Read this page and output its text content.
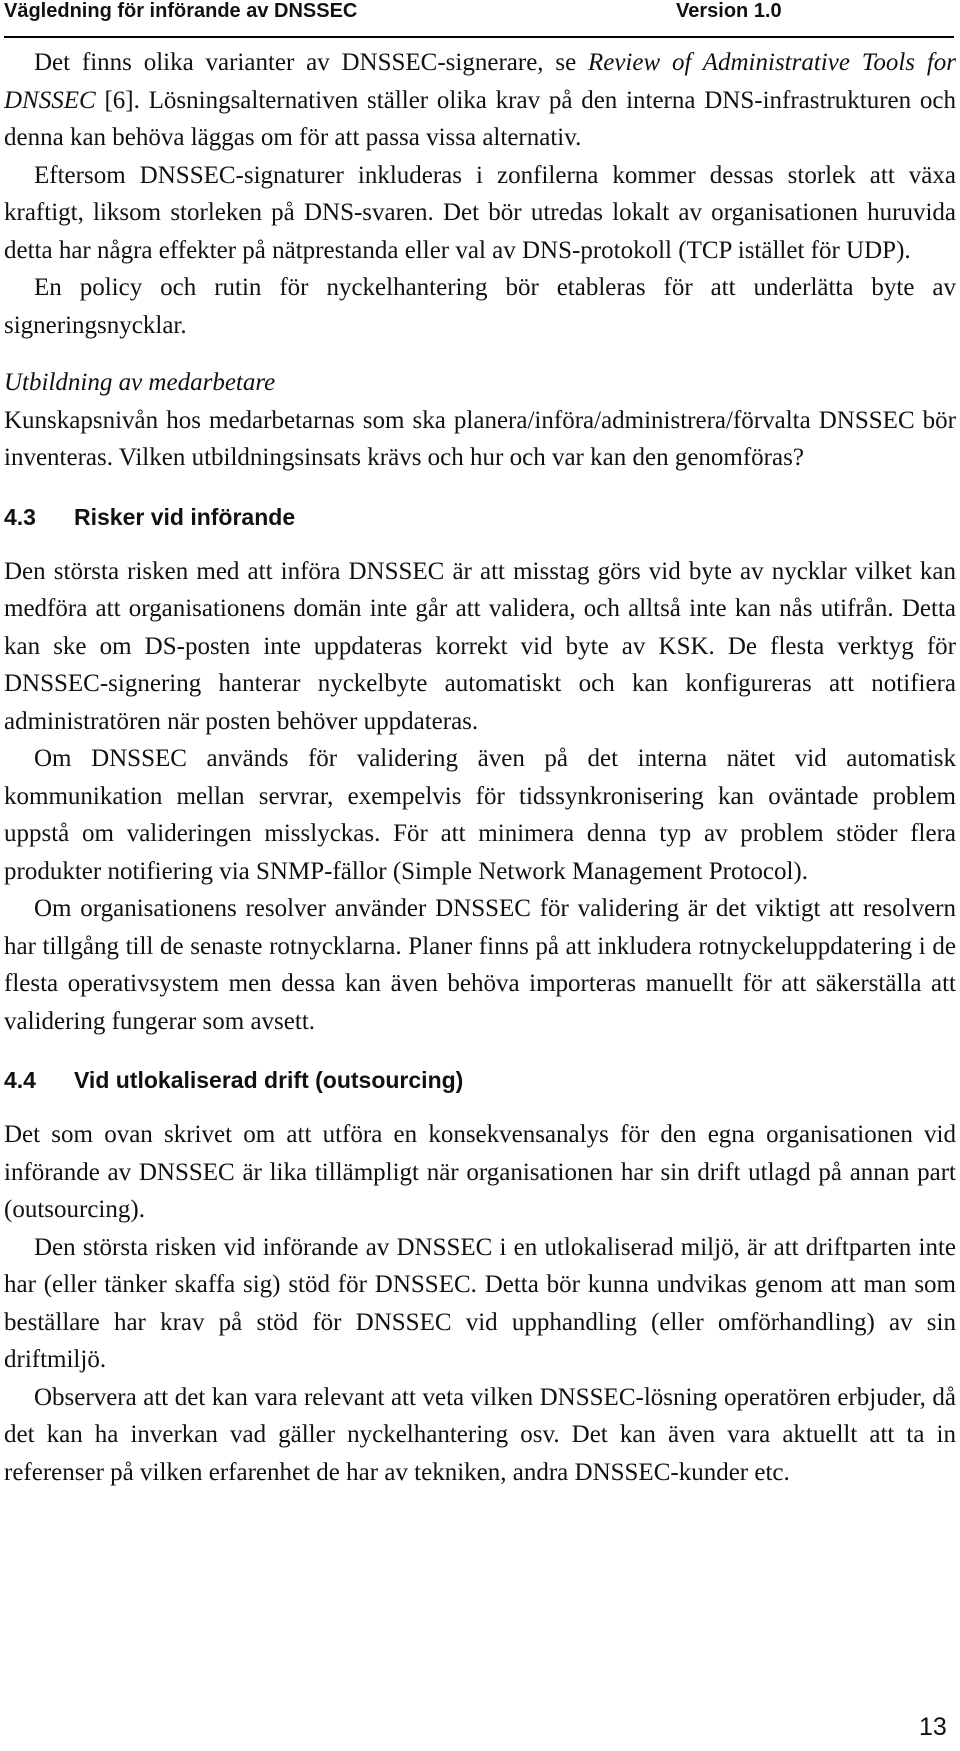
Vägledning för införande av DNSSEC	Version 1.0

Det finns olika varianter av DNSSEC-signerare, se Review of Administrative Tools for DNSSEC [6]. Lösningsalternativen ställer olika krav på den interna DNS-infrastrukturen och denna kan behöva läggas om för att passa vissa alternativ.

Eftersom DNSSEC-signaturer inkluderas i zonfilerna kommer dessas storlek att växa kraftigt, liksom storleken på DNS-svaren. Det bör utredas lokalt av organisationen huruvida detta har några effekter på nätprestanda eller val av DNS-protokoll (TCP istället för UDP).

En policy och rutin för nyckelhantering bör etableras för att underlätta byte av signeringsnycklar.

Utbildning av medarbetare

Kunskapsnivån hos medarbetarnas som ska planera/införa/administrera/förvalta DNSSEC bör inventeras. Vilken utbildningsinsats krävs och hur och var kan den genomföras?

4.3 Risker vid införande

Den största risken med att införa DNSSEC är att misstag görs vid byte av nycklar vilket kan medföra att organisationens domän inte går att validera, och alltså inte kan nås utifrån. Detta kan ske om DS-posten inte uppdateras korrekt vid byte av KSK. De flesta verktyg för DNSSEC-signering hanterar nyckelbyte automatiskt och kan konfigureras att notifiera administratören när posten behöver uppdateras.

Om DNSSEC används för validering även på det interna nätet vid automatisk kommunikation mellan servrar, exempelvis för tidssynkronisering kan oväntade problem uppstå om valideringen misslyckas. För att minimera denna typ av problem stöder flera produkter notifiering via SNMP-fällor (Simple Network Management Protocol).

Om organisationens resolver använder DNSSEC för validering är det viktigt att resolvern har tillgång till de senaste rotnycklarna. Planer finns på att inkludera rotnyckeluppdatering i de flesta operativsystem men dessa kan även behöva importeras manuellt för att säkerställa att validering fungerar som avsett.

4.4 Vid utlokaliserad drift (outsourcing)

Det som ovan skrivet om att utföra en konsekvensanalys för den egna organisationen vid införande av DNSSEC är lika tillämpligt när organisationen har sin drift utlagd på annan part (outsourcing).

Den största risken vid införande av DNSSEC i en utlokaliserad miljö, är att driftparten inte har (eller tänker skaffa sig) stöd för DNSSEC. Detta bör kunna undvikas genom att man som beställare har krav på stöd för DNSSEC vid upphandling (eller omförhandling) av sin driftmiljö.

Observera att det kan vara relevant att veta vilken DNSSEC-lösning operatören erbjuder, då det kan ha inverkan vad gäller nyckelhantering osv. Det kan även vara aktuellt att ta in referenser på vilken erfarenhet de har av tekniken, andra DNSSEC-kunder etc.

13
